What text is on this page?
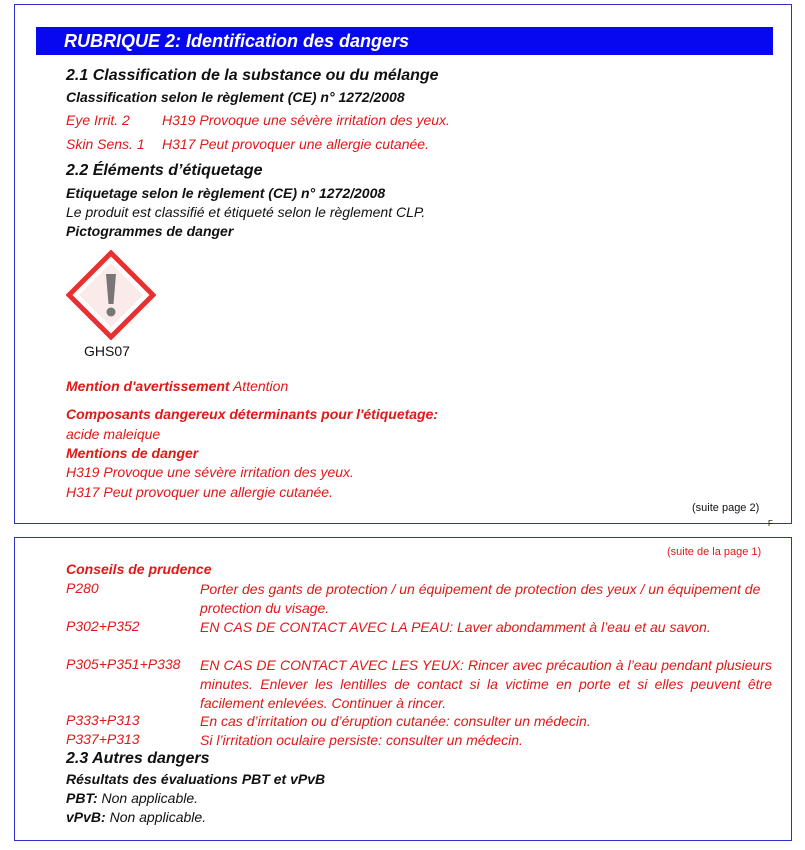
RUBRIQUE 2: Identification des dangers
2.1 Classification de la substance ou du mélange
Classification selon le règlement (CE) n° 1272/2008
Eye Irrit. 2 H319 Provoque une sévère irritation des yeux.
Skin Sens. 1 H317 Peut provoquer une allergie cutanée.
2.2 Éléments d’étiquetage
Etiquetage selon le règlement (CE) n° 1272/2008
Le produit est classifié et étiqueté selon le règlement CLP.
Pictogrammes de danger
GHS07
Mention d'avertissement Attention
Composants dangereux déterminants pour l'étiquetage:
acide maleique
Mentions de danger
H319 Provoque une sévère irritation des yeux.
H317 Peut provoquer une allergie cutanée.
(suite page 2)
F
(suite de la page 1)
Conseils de prudence
P280	Porter des gants de protection / un équipement de protection des yeux / un équipement de protection du visage.
P302+P352	EN CAS DE CONTACT AVEC LA PEAU: Laver abondamment à l’eau et au savon.
P305+P351+P338 EN CAS DE CONTACT AVEC LES YEUX: Rincer avec précaution à l’eau pendant plusieurs minutes. Enlever les lentilles de contact si la victime en porte et si elles peuvent être facilement enlevées. Continuer à rincer.
P333+P313	En cas d’irritation ou d’éruption cutanée: consulter un médecin.
P337+P313	Si l’irritation oculaire persiste: consulter un médecin.
2.3 Autres dangers
Résultats des évaluations PBT et vPvB
PBT: Non applicable.
vPvB: Non applicable.
